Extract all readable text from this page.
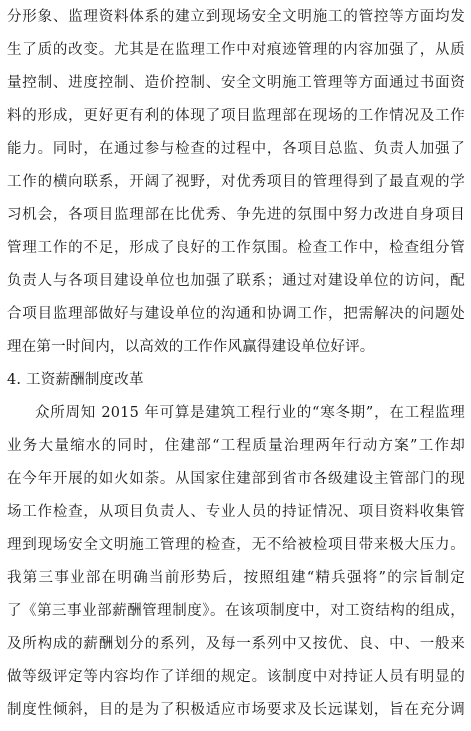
分形象、监理资料体系的建立到现场安全文明施工的管控等方面均发
生了质的改变。尤其是在监理工作中对痕迹管理的内容加强了，从质
量控制、进度控制、造价控制、安全文明施工管理等方面通过书面资
料的形成，更好更有利的体现了项目监理部在现场的工作情况及工作
能力。同时，在通过参与检查的过程中，各项目总监、负责人加强了
工作的横向联系，开阔了视野，对优秀项目的管理得到了最直观的学
习机会，各项目监理部在比优秀、争先进的氛围中努力改进自身项目
管理工作的不足，形成了良好的工作氛围。检查工作中，检查组分管
负责人与各项目建设单位也加强了联系；通过对建设单位的访问，配
合项目监理部做好与建设单位的沟通和协调工作，把需解决的问题处
理在第一时间内，以高效的工作作风赢得建设单位好评。
4. 工资薪酬制度改革
众所周知 2015 年可算是建筑工程行业的“寒冬期”，在工程监理
业务大量缩水的同时，住建部“工程质量治理两年行动方案”工作却
在今年开展的如火如荼。从国家住建部到省市各级建设主管部门的现
场工作检查，从项目负责人、专业人员的持证情况、项目资料收集管
理到现场安全文明施工管理的检查，无不给被检项目带来极大压力。
我第三事业部在明确当前形势后，按照组建“精兵强将”的宗旨制定
了《第三事业部薪酬管理制度》。在该项制度中，对工资结构的组成，
及所构成的薪酬划分的系列，及每一系列中又按优、良、中、一般来
做等级评定等内容均作了详细的规定。该制度中对持证人员有明显的
制度性倾斜，目的是为了积极适应市场要求及长远谋划，旨在充分调
